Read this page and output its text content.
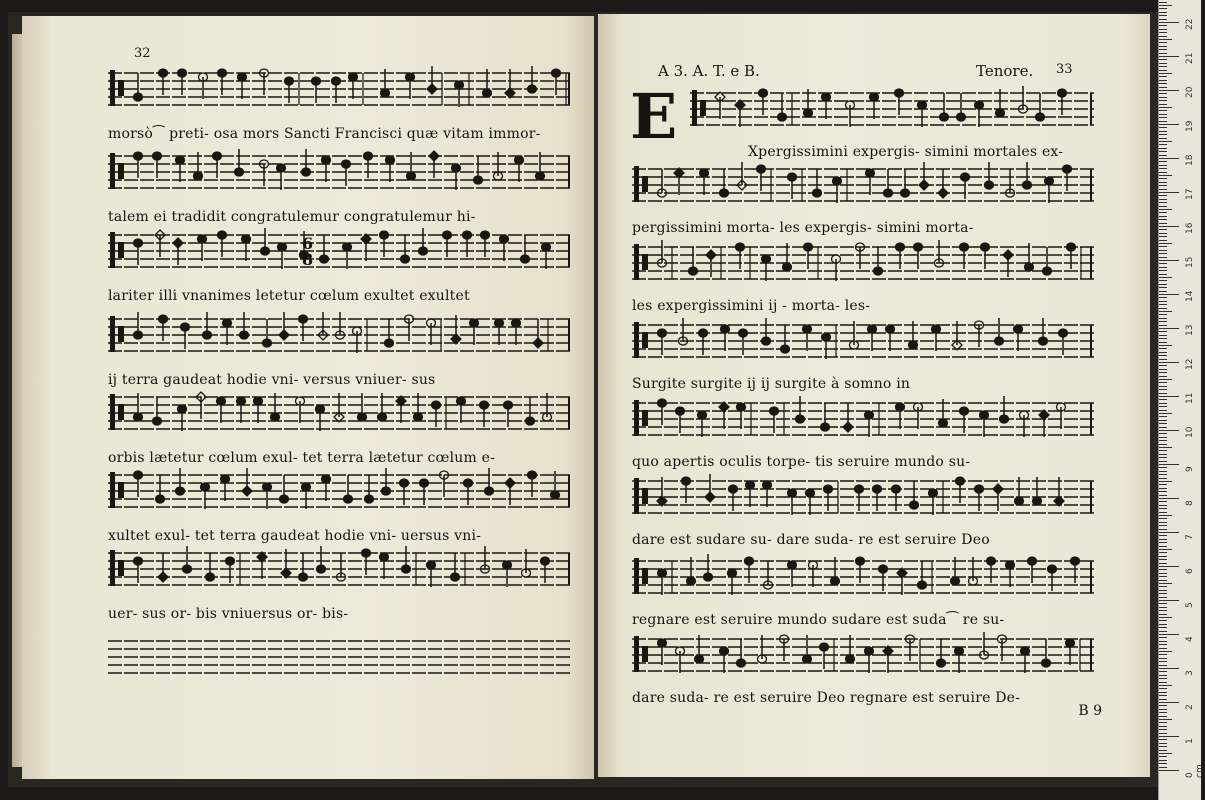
32
morsò⁀ preti- osa mors Sancti Francisci quæ vitam immor-
talem ei tradidit congratulemur congratulemur hi-
lariter illi vnanimes letetur cœlum exultet exultet
ij terra gaudeat hodie vni- versus vniuer- sus
orbis lætetur cœlum exul- tet terra lætetur cœlum e-
xultet exul- tet terra gaudeat hodie vni- uersus vni-
uer- sus or- bis vniuersus or- bis-
6
8
A 3. A. T. e B.	Tenore. 33
E	Xpergissimini expergis- simini mortales ex-
pergissimini morta- les expergis- simini morta-
les expergissimini ij - morta- les-
Surgite surgite ij ij surgite à somno in
quo apertis oculis torpe- tis seruire mundo su-
dare est sudare su- dare suda- re est seruire Deo
regnare est seruire mundo sudare est suda⁀ re su-
dare suda- re est seruire Deo regnare est seruire De-
B 9
0 cm
1
2
3
4
5
6
7
8
9
10
11
12
13
14
15
16
17
18
19
20
21
22
